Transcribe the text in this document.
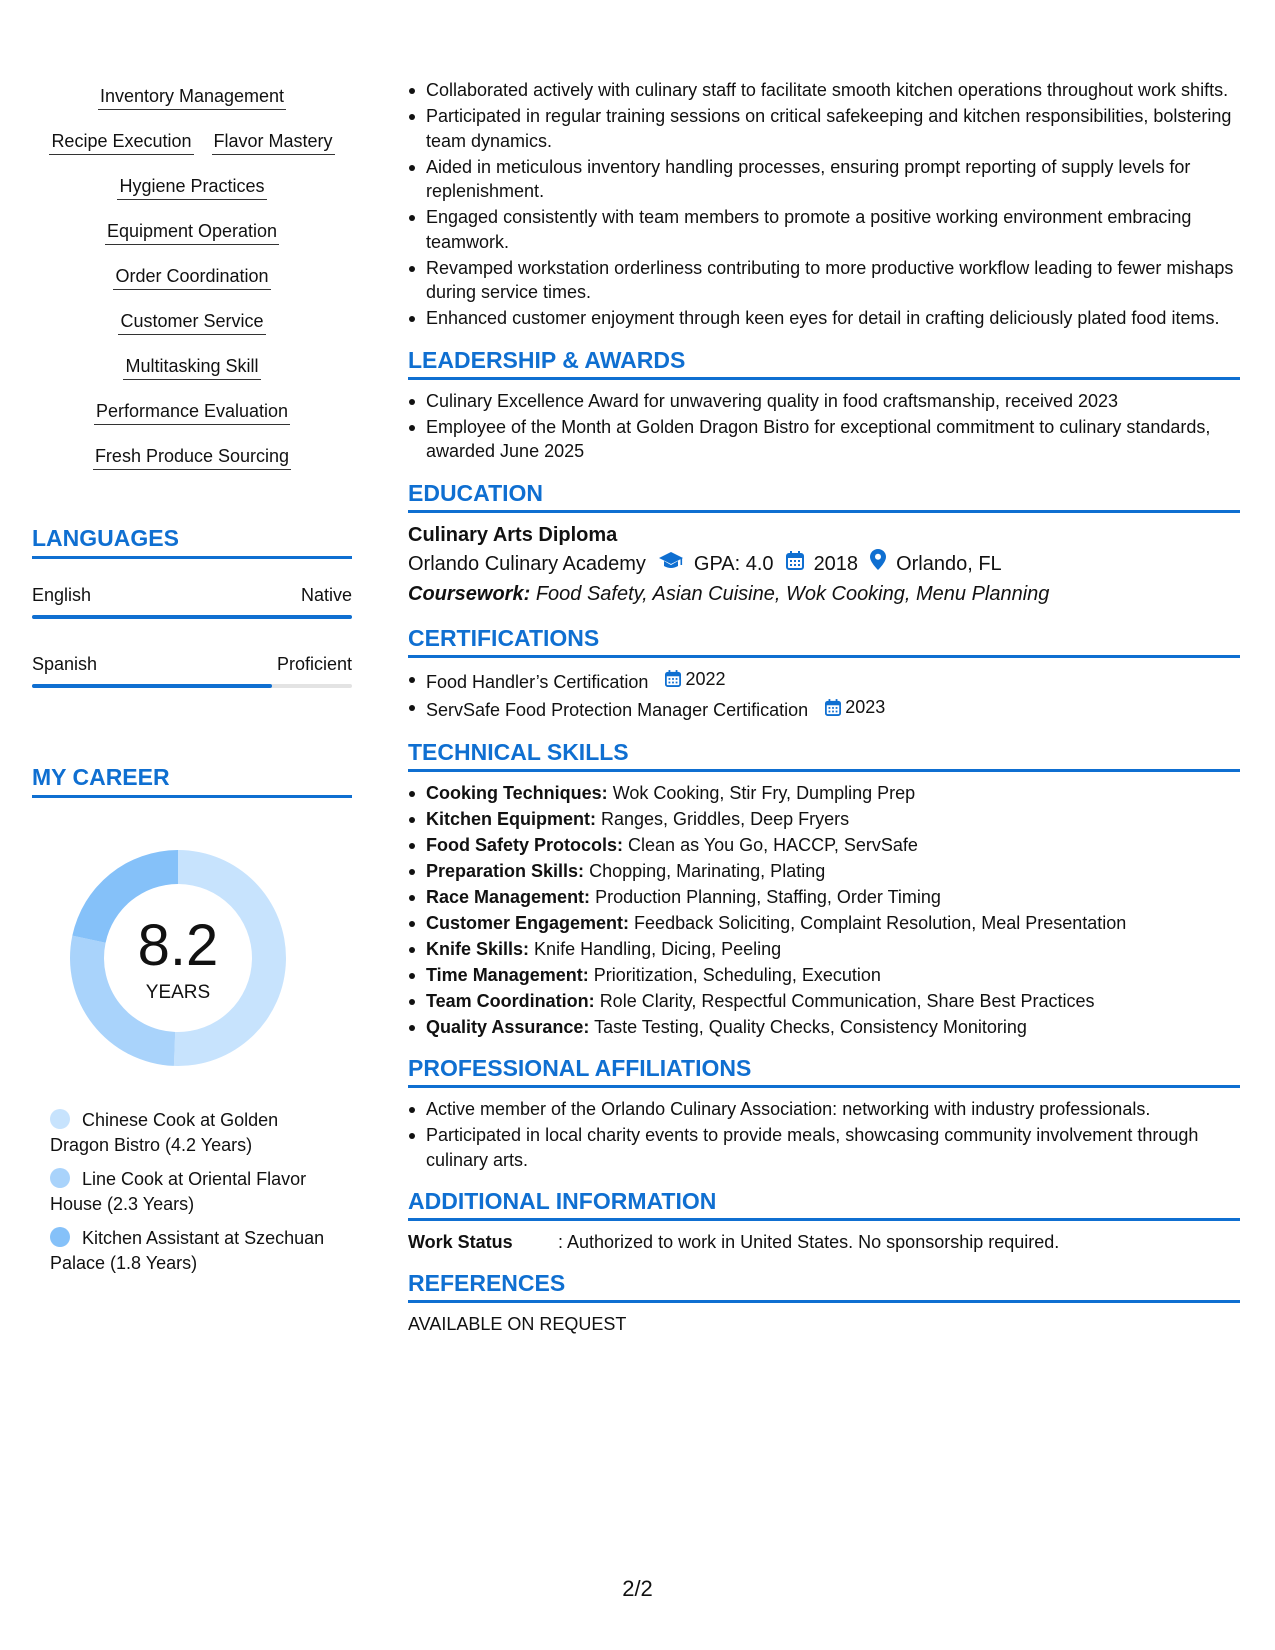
Inventory Management
Recipe Execution Flavor Mastery
Hygiene Practices
Equipment Operation
Order Coordination
Customer Service
Multitasking Skill
Performance Evaluation
Fresh Produce Sourcing
LANGUAGES
English	Native
Spanish	Proficient
MY CAREER
8.2
YEARS
Chinese Cook at Golden Dragon Bistro (4.2 Years)
Line Cook at Oriental Flavor House (2.3 Years)
Kitchen Assistant at Szechuan Palace (1.8 Years)
Collaborated actively with culinary staff to facilitate smooth kitchen operations throughout work shifts.
Participated in regular training sessions on critical safekeeping and kitchen responsibilities, bolstering team dynamics.
Aided in meticulous inventory handling processes, ensuring prompt reporting of supply levels for replenishment.
Engaged consistently with team members to promote a positive working environment embracing teamwork.
Revamped workstation orderliness contributing to more productive workflow leading to fewer mishaps during service times.
Enhanced customer enjoyment through keen eyes for detail in crafting deliciously plated food items.
LEADERSHIP & AWARDS
Culinary Excellence Award for unwavering quality in food craftsmanship, received 2023
Employee of the Month at Golden Dragon Bistro for exceptional commitment to culinary standards, awarded June 2025
EDUCATION
Culinary Arts Diploma
Orlando Culinary Academy GPA: 4.0 2018 Orlando, FL
Coursework: Food Safety, Asian Cuisine, Wok Cooking, Menu Planning
CERTIFICATIONS
Food Handler’s Certification 2022
ServSafe Food Protection Manager Certification 2023
TECHNICAL SKILLS
Cooking Techniques: Wok Cooking, Stir Fry, Dumpling Prep
Kitchen Equipment: Ranges, Griddles, Deep Fryers
Food Safety Protocols: Clean as You Go, HACCP, ServSafe
Preparation Skills: Chopping, Marinating, Plating
Race Management: Production Planning, Staffing, Order Timing
Customer Engagement: Feedback Soliciting, Complaint Resolution, Meal Presentation
Knife Skills: Knife Handling, Dicing, Peeling
Time Management: Prioritization, Scheduling, Execution
Team Coordination: Role Clarity, Respectful Communication, Share Best Practices
Quality Assurance: Taste Testing, Quality Checks, Consistency Monitoring
PROFESSIONAL AFFILIATIONS
Active member of the Orlando Culinary Association: networking with industry professionals.
Participated in local charity events to provide meals, showcasing community involvement through culinary arts.
ADDITIONAL INFORMATION
Work Status	: Authorized to work in United States. No sponsorship required.
REFERENCES
AVAILABLE ON REQUEST
2/2
